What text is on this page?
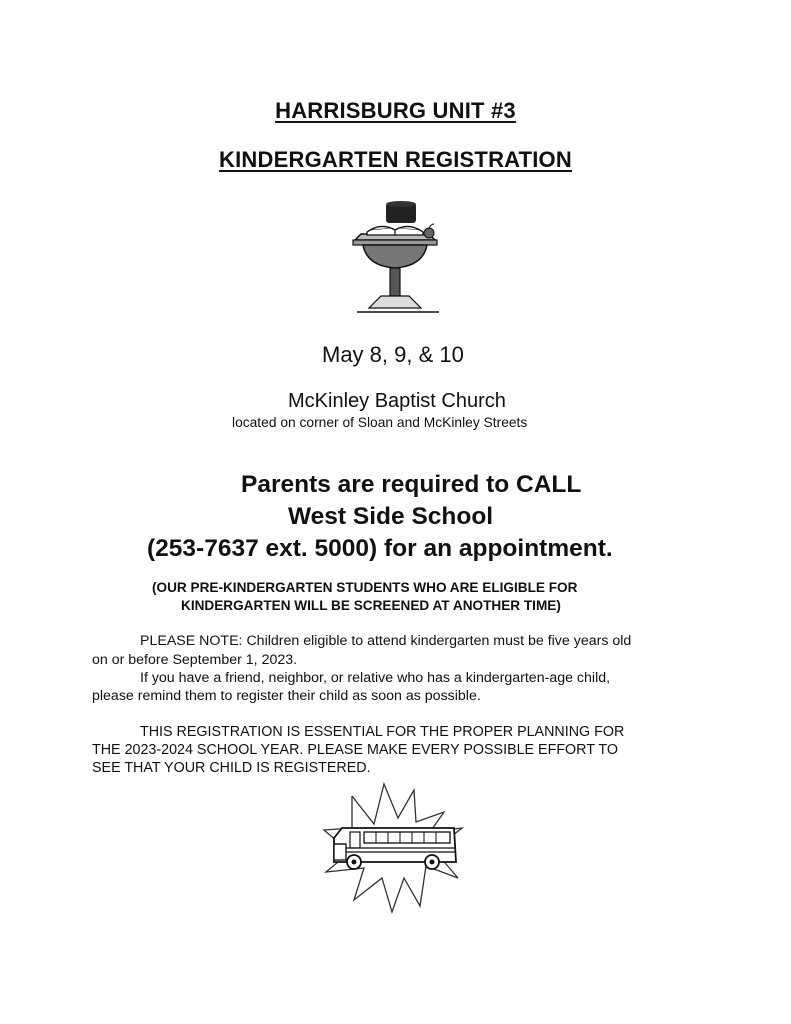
HARRISBURG UNIT #3
KINDERGARTEN REGISTRATION
May 8, 9, & 10
McKinley Baptist Church
located on corner of Sloan and McKinley Streets
Parents are required to CALL
West Side School
(253-7637 ext. 5000) for an appointment.
(OUR PRE-KINDERGARTEN STUDENTS WHO ARE ELIGIBLE FOR
KINDERGARTEN WILL BE SCREENED AT ANOTHER TIME)
PLEASE NOTE: Children eligible to attend kindergarten must be five years old
on or before September 1, 2023.
If you have a friend, neighbor, or relative who has a kindergarten-age child,
please remind them to register their child as soon as possible.
THIS REGISTRATION IS ESSENTIAL FOR THE PROPER PLANNING FOR
THE 2023-2024 SCHOOL YEAR. PLEASE MAKE EVERY POSSIBLE EFFORT TO
SEE THAT YOUR CHILD IS REGISTERED.
